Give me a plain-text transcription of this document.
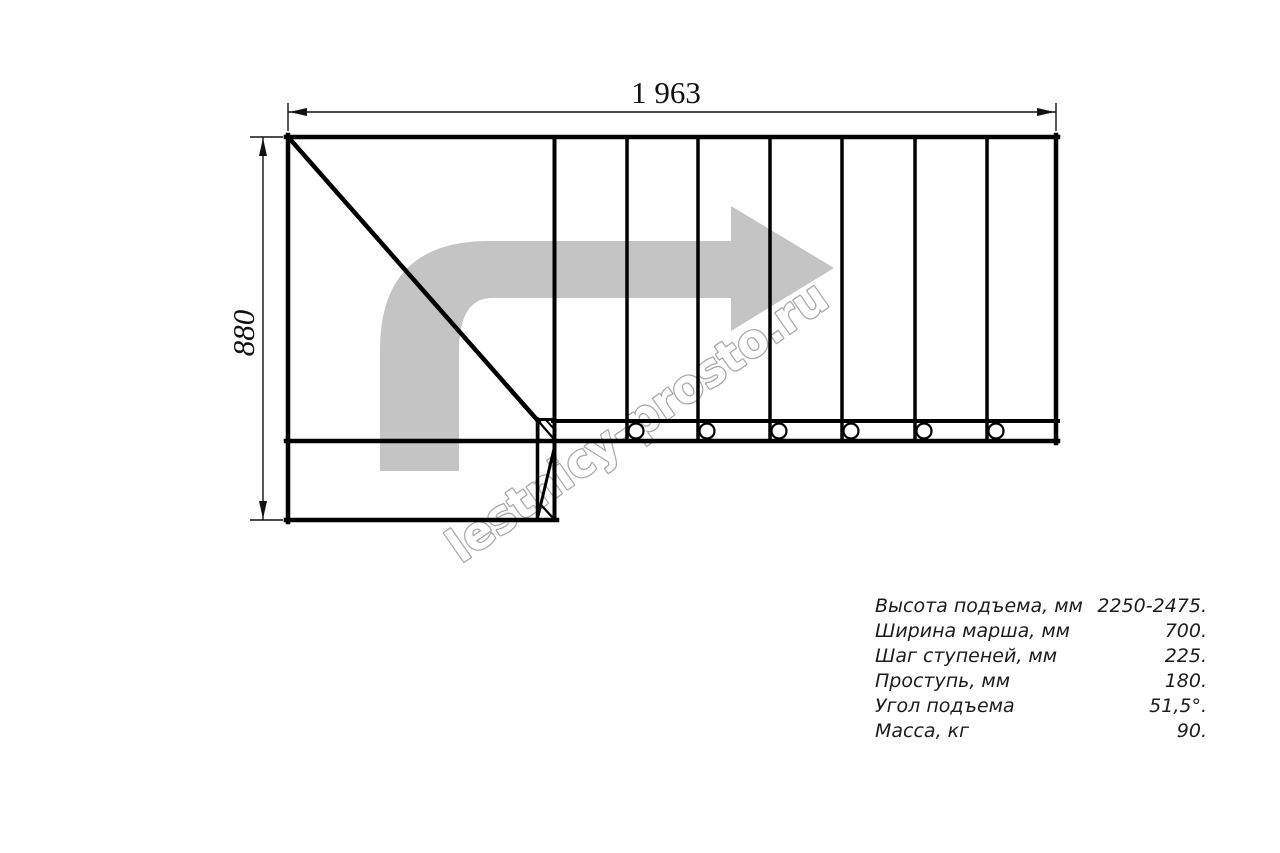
lestnicy-prosto.ru
1 963
880
Высота подъема, мм 2250-2475.
Ширина марша, мм	700.
Шаг ступеней, мм	225.
Проступь, мм	180.
Угол подъема	51,5°.
Масса, кг	90.
